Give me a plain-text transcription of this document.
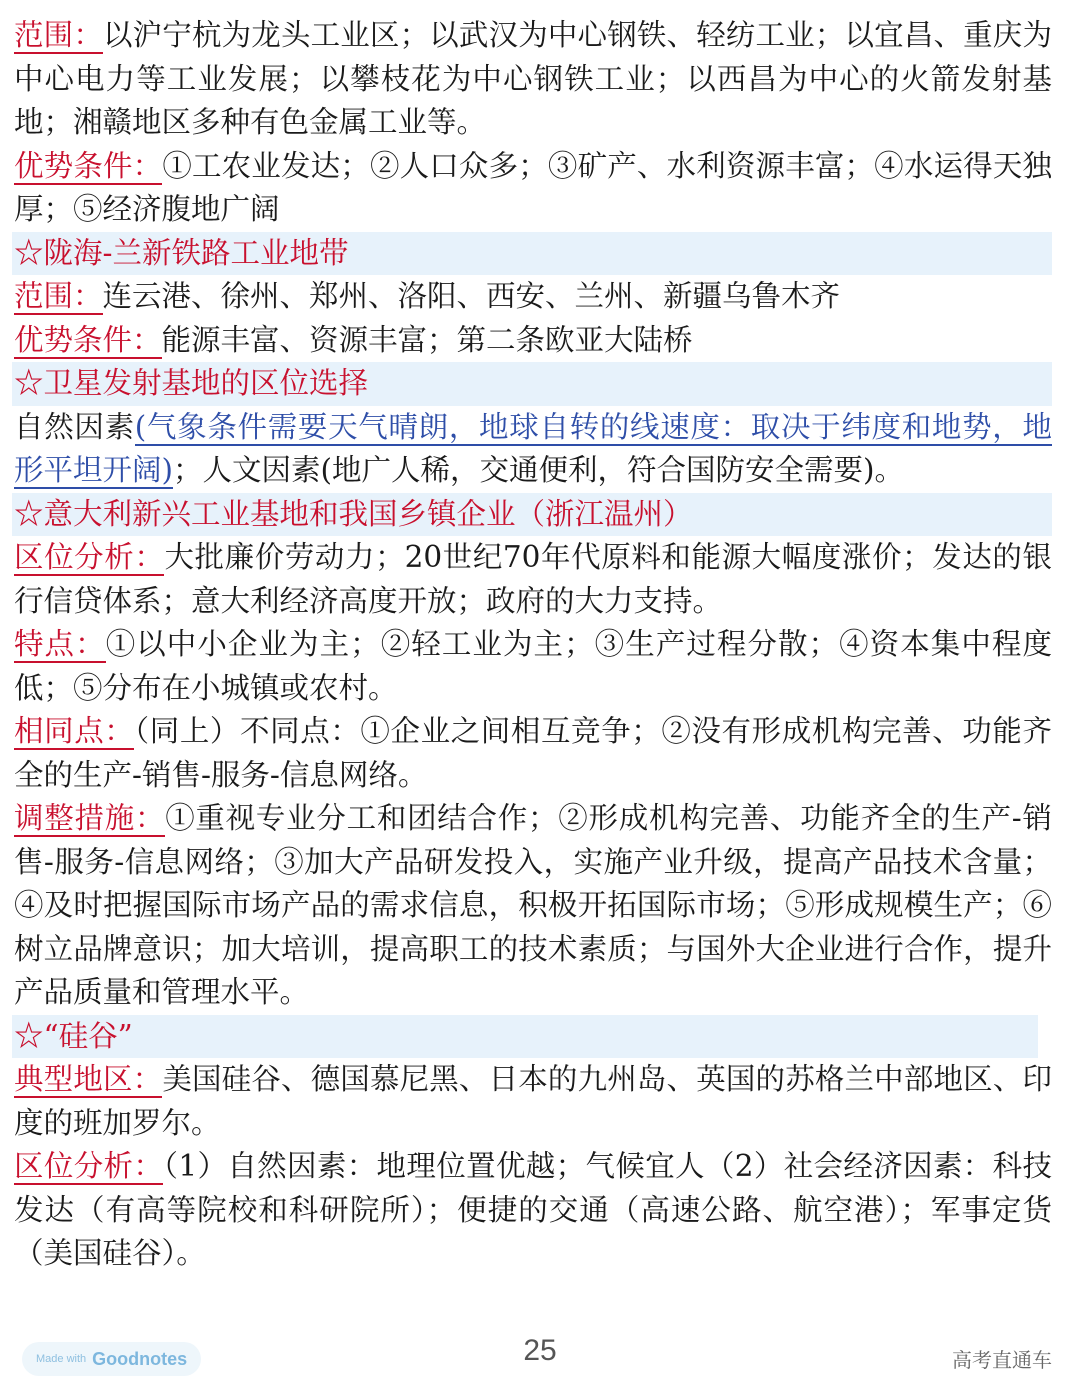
范围：以沪宁杭为龙头工业区；以武汉为中心钢铁、轻纺工业；以宜昌、重庆为中心电力等工业发展；以攀枝花为中心钢铁工业；以西昌为中心的火箭发射基地；湘赣地区多种有色金属工业等。

优势条件：①工农业发达；②人口众多；③矿产、水利资源丰富；④水运得天独厚；⑤经济腹地广阔

☆陇海-兰新铁路工业地带

范围：连云港、徐州、郑州、洛阳、西安、兰州、新疆乌鲁木齐

优势条件：能源丰富、资源丰富；第二条欧亚大陆桥

☆卫星发射基地的区位选择

自然因素(气象条件需要天气晴朗，地球自转的线速度：取决于纬度和地势，地形平坦开阔)；人文因素(地广人稀，交通便利，符合国防安全需要)。

☆意大利新兴工业基地和我国乡镇企业（浙江温州）

区位分析：大批廉价劳动力；20世纪70年代原料和能源大幅度涨价；发达的银行信贷体系；意大利经济高度开放；政府的大力支持。

特点：①以中小企业为主；②轻工业为主；③生产过程分散；④资本集中程度低；⑤分布在小城镇或农村。

相同点：（同上）不同点：①企业之间相互竞争；②没有形成机构完善、功能齐全的生产-销售-服务-信息网络。

调整措施：①重视专业分工和团结合作；②形成机构完善、功能齐全的生产-销售-服务-信息网络；③加大产品研发投入，实施产业升级，提高产品技术含量；④及时把握国际市场产品的需求信息，积极开拓国际市场；⑤形成规模生产；⑥树立品牌意识；加大培训，提高职工的技术素质；与国外大企业进行合作，提升产品质量和管理水平。

☆“硅谷”

典型地区：美国硅谷、德国慕尼黑、日本的九州岛、英国的苏格兰中部地区、印度的班加罗尔。

区位分析：（1）自然因素：地理位置优越；气候宜人（2）社会经济因素：科技发达（有高等院校和科研院所）；便捷的交通（高速公路、航空港）；军事定货（美国硅谷）。

Made with Goodnotes	25	高考直通车
